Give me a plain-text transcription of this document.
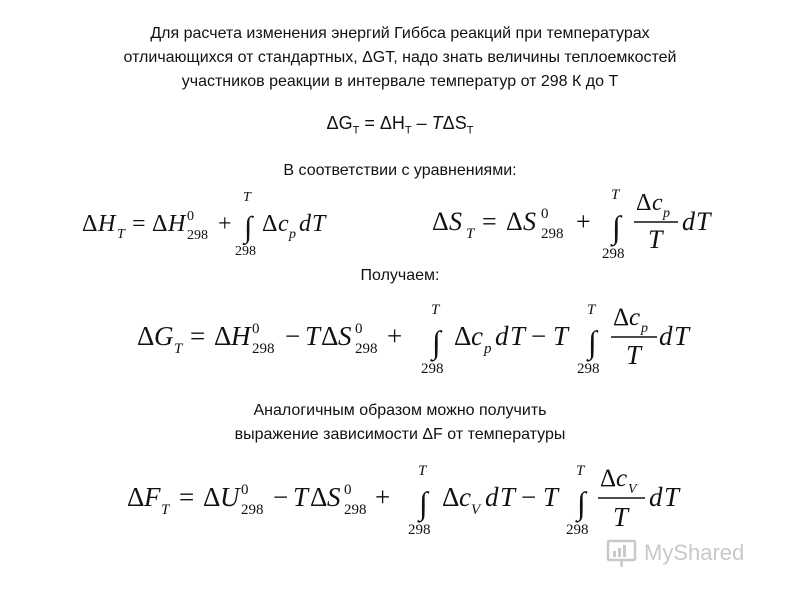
Для расчета изменения энергий Гиббса реакций при температурах
отличающихся от стандартных, ΔGT, надо знать величины теплоемкостей
участников реакции в интервале температур от 298 К до Т
$\Delta G_T = \Delta H_T - T\Delta S_T$
В соответствии с уравнениями:
Δ H T = Δ H 0
298 +
T
∫
298
Δ c p d T	Δ S T = Δ S 0
298 +
T
∫
298
Δ c p
T
d T
Получаем:
Δ G T = Δ H 0
298 − T Δ S 0
298 +
T
∫
298
Δ c p d T − T
T
∫
298
Δ c p
T
d T
Аналогичным образом можно получить
выражение зависимости ΔF от температуры
Δ F T = Δ U 0
298 − T Δ S 0
298 +
T
∫
298
Δ c V d T − T
T
∫
298
Δ c V
T
d T
MyShared
